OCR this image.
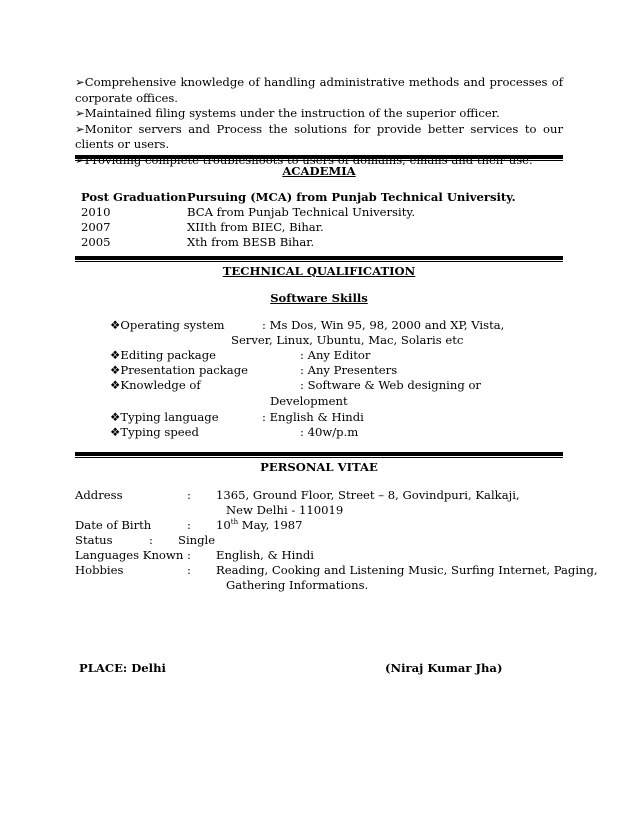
➢Comprehensive knowledge of handling administrative methods and processes of corporate offices.
➢Maintained filing systems under the instruction of the superior officer.
➢Monitor servers and Process the solutions for provide better services to our clients or users.
ACADEMIA
Post Graduation Pursuing (MCA) from Punjab Technical University.
2010	BCA from Punjab Technical University.
2007	XIIth from BIEC, Bihar.
2005	Xth from BESB Bihar.
TECHNICAL QUALIFICATION
Software Skills
❖Operating system	: Ms Dos, Win 95, 98, 2000 and XP, Vista,
Server, Linux, Ubuntu, Mac, Solaris etc
❖Editing package	: Any Editor
❖Presentation package	: Any Presenters
❖Knowledge of	: Software & Web designing or
Development
❖Typing language	: English & Hindi
❖Typing speed	: 40w/p.m
PERSONAL VITAE
Address	: 1365, Ground Floor, Street – 8, Govindpuri, Kalkaji,
New Delhi - 110019
Date of Birth	: 10th May, 1987
Status	: Single
Languages Known : English, & Hindi
Hobbies	: Reading, Cooking and Listening Music, Surfing Internet, Paging,
Gathering Informations.
PLACE: Delhi	(Niraj Kumar Jha)
